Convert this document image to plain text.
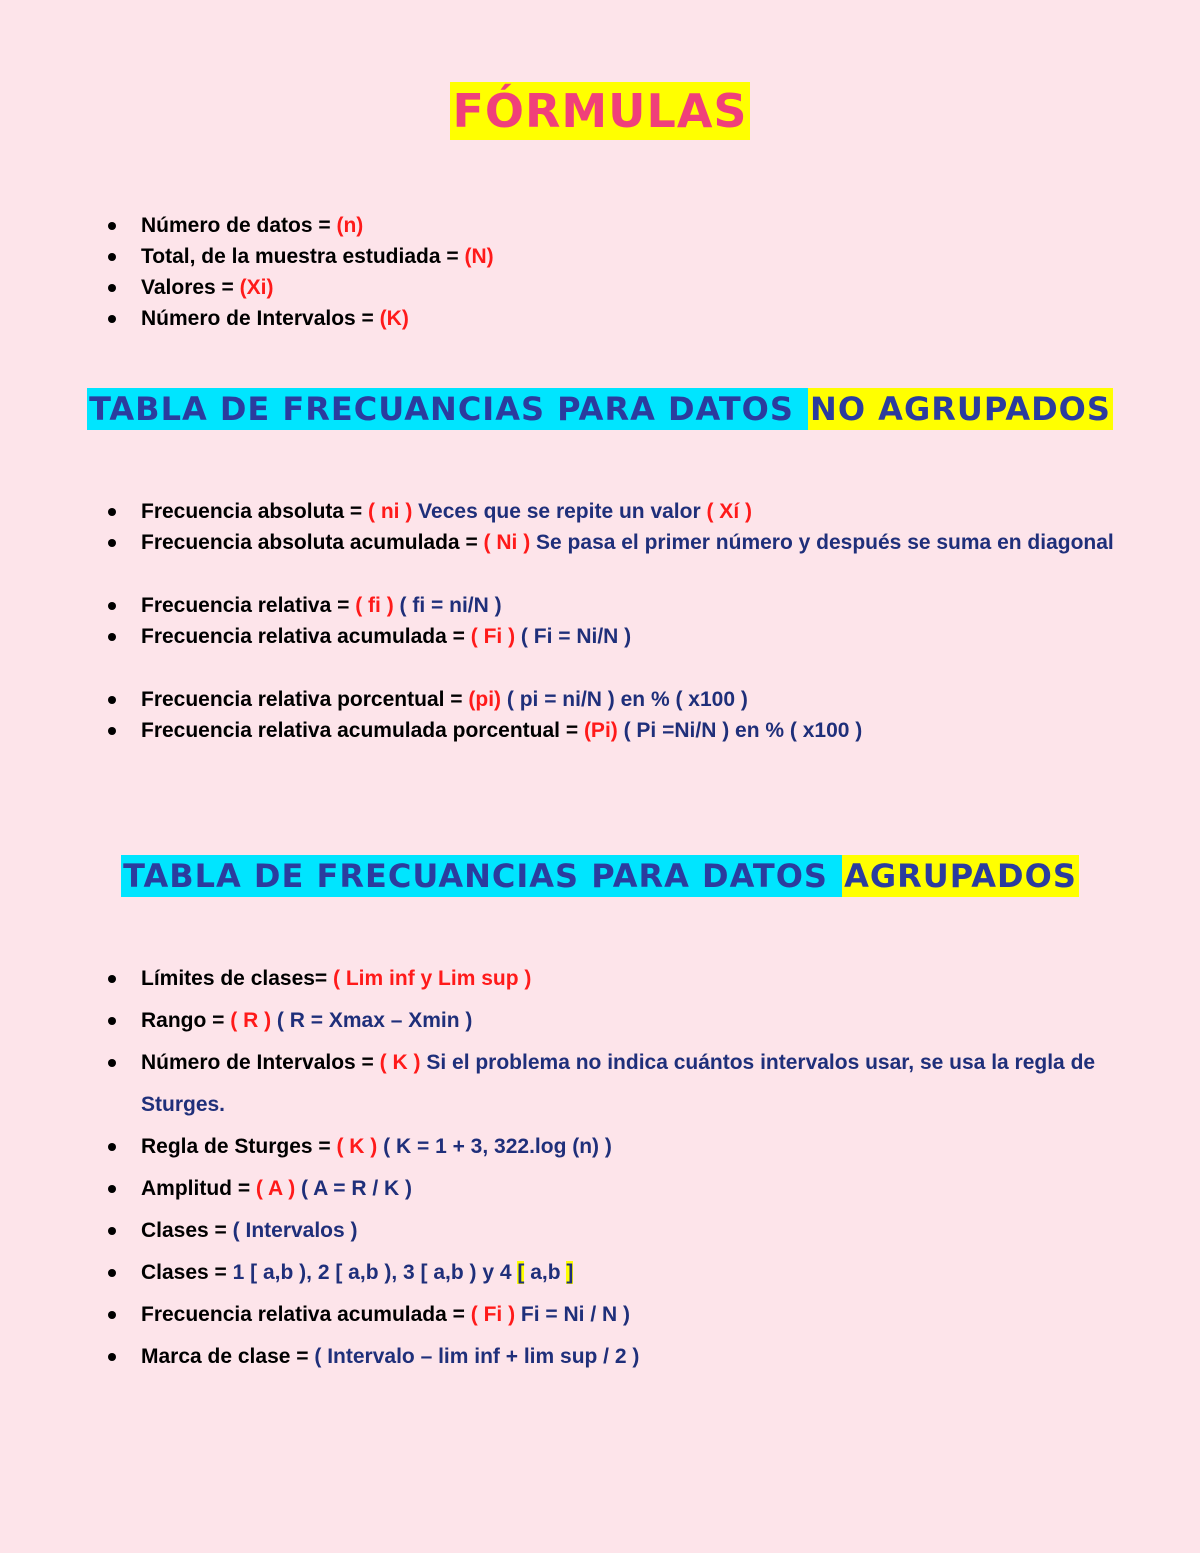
FÓRMULAS
Número de datos = (n)
Total, de la muestra estudiada = (N)
Valores = (Xi)
Número de Intervalos = (K)
TABLA DE FRECUANCIAS PARA DATOS NO AGRUPADOS
Frecuencia absoluta = ( ni ) Veces que se repite un valor ( Xí )
Frecuencia absoluta acumulada = ( Ni ) Se pasa el primer número y después se suma en diagonal
Frecuencia relativa = ( fi ) ( fi = ni/N )
Frecuencia relativa acumulada = ( Fi ) ( Fi = Ni/N )
Frecuencia relativa porcentual = (pi) ( pi = ni/N ) en % ( x100 )
Frecuencia relativa acumulada porcentual = (Pi) ( Pi =Ni/N ) en % ( x100 )
TABLA DE FRECUANCIAS PARA DATOS AGRUPADOS
Límites de clases= ( Lim inf y Lim sup )
Rango = ( R ) ( R = Xmax – Xmin )
Número de Intervalos = ( K ) Si el problema no indica cuántos intervalos usar, se usa la regla de Sturges.
Regla de Sturges = ( K ) ( K = 1 + 3, 322.log (n) )
Amplitud = ( A ) ( A = R / K )
Clases = ( Intervalos )
Clases = 1 [ a,b ), 2 [ a,b ), 3 [ a,b ) y 4 [ a,b ]
Frecuencia relativa acumulada = ( Fi ) Fi = Ni / N )
Marca de clase = ( Intervalo – lim inf + lim sup / 2 )
